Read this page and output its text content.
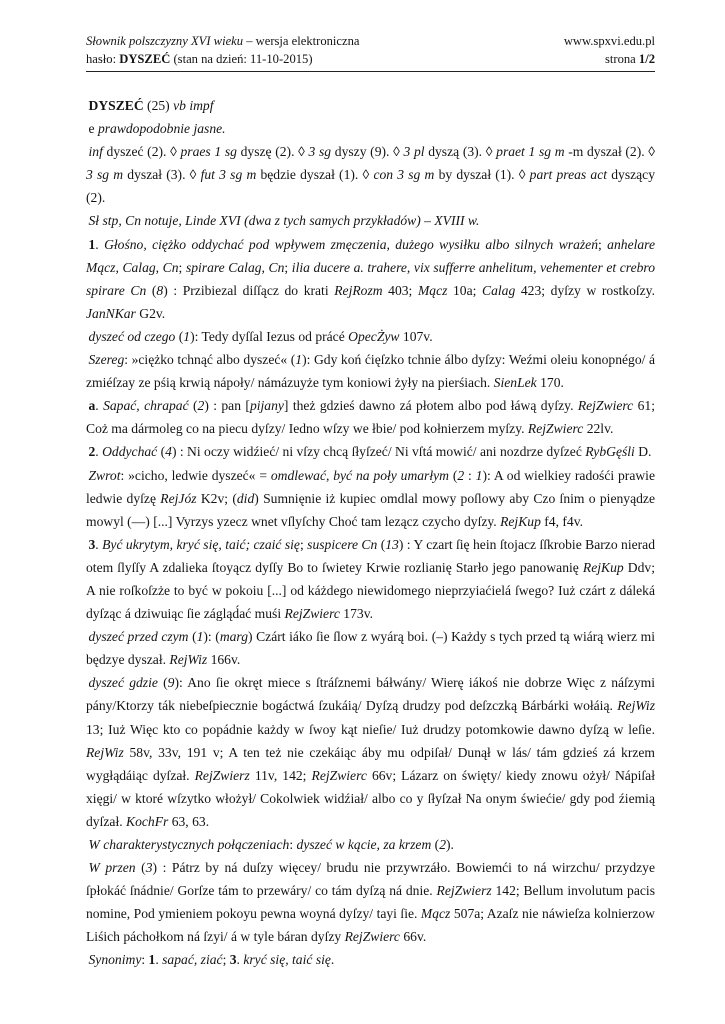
Słownik polszczyzny XVI wieku – wersja elektroniczna
hasło: DYSZEĆ (stan na dzień: 11-10-2015)
www.spxvi.edu.pl
strona 1/2

DYSZEĆ (25) vb impf

e prawdopodobnie jasne.

inf dyszeć (2). ◊ praes 1 sg dyszę (2). ◊ 3 sg dyszy (9). ◊ 3 pl dyszą (3). ◊ praet 1 sg m -m dyszał (2). ◊ 3 sg m dyszał (3). ◊ fut 3 sg m będzie dyszał (1). ◊ con 3 sg m by dyszał (1). ◊ part preas act dyszący (2).

Sł stp, Cn notuje, Linde XVI (dwa z tych samych przykładów) – XVIII w.

1. Głośno, ciężko oddychać pod wpływem zmęczenia, dużego wysiłku albo silnych wrażeń; anhelare Mącz, Calag, Cn; spirare Calag, Cn; ilia ducere a. trahere, vix sufferre anhelitum, vehementer et crebro spirare Cn (8) : Przibiezal diſſącz do krati RejRozm 403; Mącz 10a; Calag 423; dyſzy w rostkoſzy. JanNKar G2v.

dyszeć od czego (1): Tedy dyſſal Iezus od prácé OpecŻyw 107v.

Szereg: »ciężko tchnąć albo dyszeć« (1): Gdy koń ćięſzko tchnie álbo dyſzy: Weźmi oleiu konopnégo/ á zmiéſzay ze pśią krwią nápoły/ námázuyże tym koniowi żyły na pierśiach. SienLek 170.

a. Sapać, chrapać (2) : pan [pijany] theż gdzieś dawno zá płotem albo pod łáwą dyſzy. RejZwierc 61; Coż ma dármoleg co na piecu dyſzy/ Iedno wſzy we łbie/ pod kołnierzem myſzy. RejZwierc 22lv.

2. Oddychać (4) : Ni oczy widźieć/ ni vſzy chcą ſłyſzeć/ Ni vſtá mowić/ ani nozdrze dyſzeć RybGęśli D.

Zwrot: »cicho, ledwie dyszeć« = omdlewać, być na poły umarłym (2 : 1): A od wielkiey radośći prawie ledwie dyſzę RejJóz K2v; (did) Sumnięnie iż kupiec omdlal mowy poſlowy aby Czo ſnim o pienyądze mowyl (—) [...] Vyrzys yzecz wnet vſlyſchy Choć tam lezącz czycho dyſzy. RejKup f4, f4v.

3. Być ukrytym, kryć się, taić; czaić się; suspicere Cn (13) : Y czart ſię hein ſtojacz ſſkrobie Barzo nierad otem ſlyſſy A zdalieka ſtoyącz dyſſy Bo to ſwietey Krwie rozlianię Starło jego panowanię RejKup Ddv; A nie roſkoſzże to być w pokoiu [...] od káżdego niewidomego nieprzyiaćielá ſwego? Iuż czárt z dáleká dyſząc á dziwuiąc ſie zágląd́ać muśi RejZwierc 173v.

dyszeć przed czym (1): (marg) Czárt iáko ſie ſlow z wyárą boi. (–) Każdy s tych przed tą wiárą wierz mi będzye dyszał. RejWiz 166v.

dyszeć gdzie (9): Ano ſie okręt miece s ſtráſznemi báłwány/ Wierę iákoś nie dobrze Więc z náſzymi pány/Ktorzy ták niebeſpiecznie bogáctwá ſzukáią/ Dyſzą drudzy pod deſzczką Bárbárki wołáią. RejWiz 13; Iuż Więc kto co popádnie każdy w ſwoy kąt nieſie/ Iuż drudzy potomkowie dawno dyſzą w leſie. RejWiz 58v, 33v, 191 v; A ten też nie czekáiąc áby mu odpiſał/ Dunął w lás/ tám gdzieś zá krzem wygłądáiąc dyſzał. RejZwierz 11v, 142; RejZwierc 66v; Lázarz on święty/ kiedy znowu ożył/ Nápiſał xięgi/ w ktoré wſzytko włożył/ Cokolwiek widźiał/ albo co y ſłyſzał Na onym świećie/ gdy pod źiemią dyſzał. KochFr 63, 63.

W charakterystycznych połączeniach: dyszeć w kącie, za krzem (2).

W przen (3) : Pátrz by ná duſzy więcey/ brudu nie przywrzáło. Bowiemći to ná wirzchu/ przydzye ſpłokáć ſnádnie/ Gorſze tám to przewáry/ co tám dyſzą ná dnie. RejZwierz 142; Bellum involutum pacis nomine, Pod ymieniem pokoyu pewna woyná dyſzy/ tayi ſie. Mącz 507a; Azaſz nie náwieſza kolnierzow Liśich páchołkom ná ſzyi/ á w tyle báran dyſzy RejZwierc 66v.

Synonimy: 1. sapać, ziać; 3. kryć się, taić się.
